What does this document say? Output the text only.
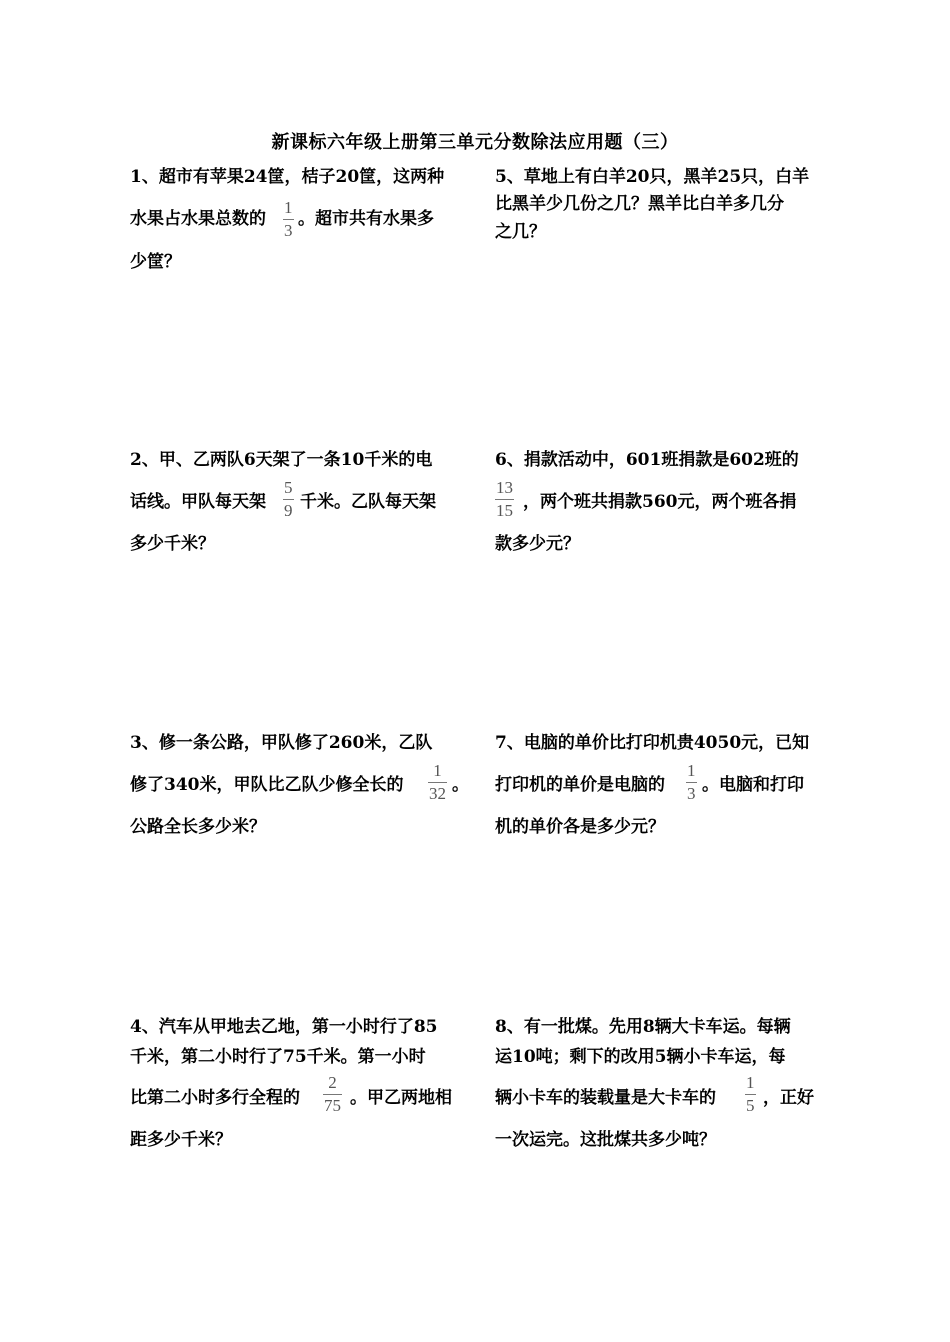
新课标六年级上册第三单元分数除法应用题（三）
1、超市有苹果24筐，桔子20筐，这两种
水果占水果总数的
1
3
。超市共有水果多
少筐？
2、甲、乙两队6天架了一条10千米的电
话线。甲队每天架
5
9 千米。乙队每天架
多少千米？
3、修一条公路，甲队修了260米，乙队
修了340米，甲队比乙队少修全长的
1
32 。
公路全长多少米？
4、汽车从甲地去乙地，第一小时行了85
千米，第二小时行了75千米。第一小时
比第二小时多行全程的
2
75 。甲乙两地相
距多少千米？
5、草地上有白羊20只，黑羊25只，白羊
比黑羊少几份之几？黑羊比白羊多几分
之几？
6、捐款活动中，601班捐款是602班的
13
15 ，两个班共捐款560元，两个班各捐
款多少元？
7、电脑的单价比打印机贵4050元，已知
打印机的单价是电脑的
1
3 。电脑和打印
机的单价各是多少元？
8、有一批煤。先用8辆大卡车运。每辆
运10吨；剩下的改用5辆小卡车运，每
辆小卡车的装载量是大卡车的
1
5 ，正好
一次运完。这批煤共多少吨？
